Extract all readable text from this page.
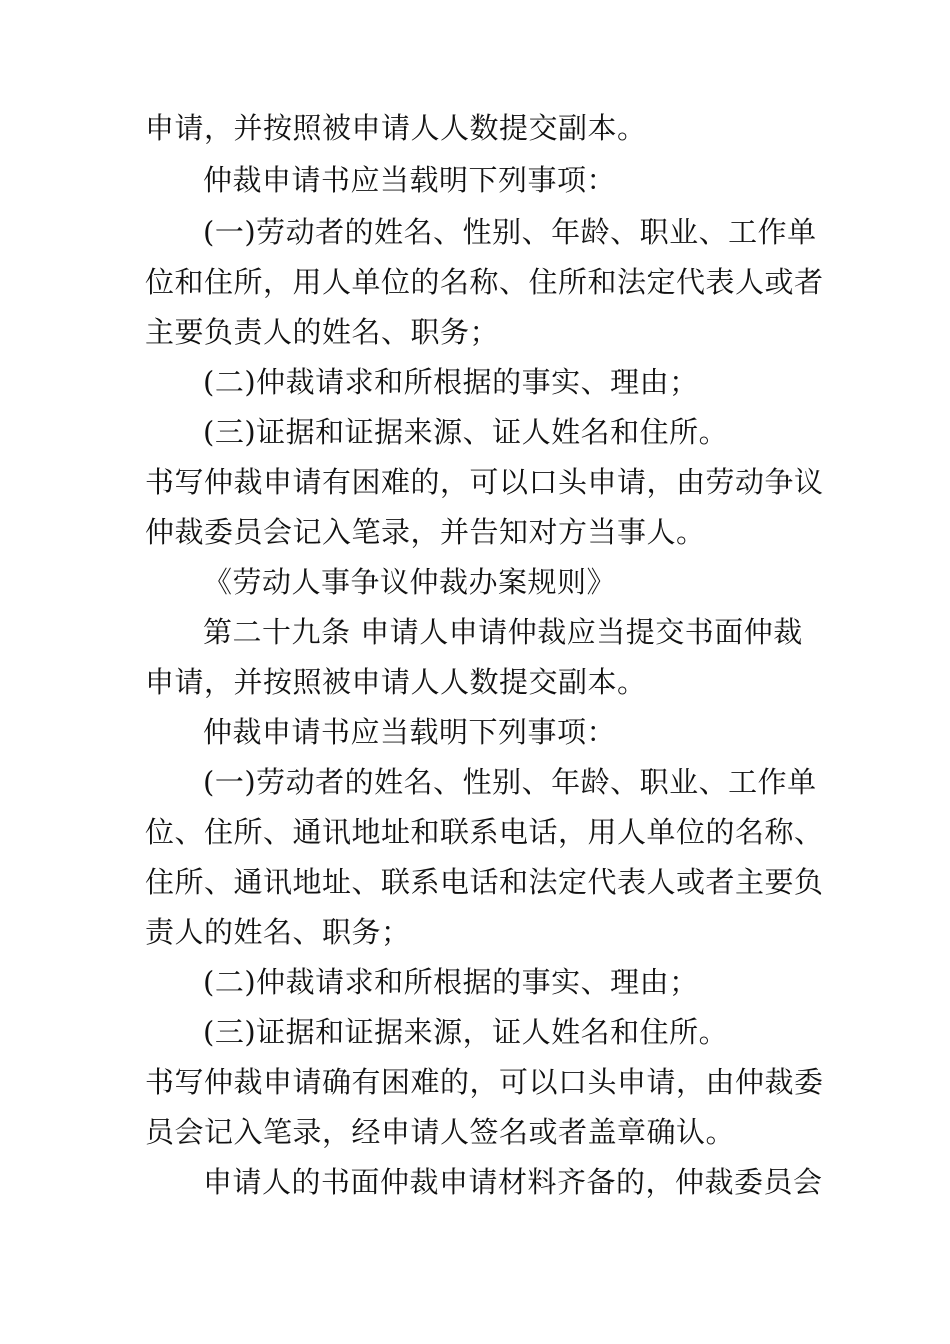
申请，并按照被申请人人数提交副本。
仲裁申请书应当载明下列事项：
(一)劳动者的姓名、性别、年龄、职业、工作单
位和住所，用人单位的名称、住所和法定代表人或者
主要负责人的姓名、职务；
(二)仲裁请求和所根据的事实、理由；
(三)证据和证据来源、证人姓名和住所。
书写仲裁申请有困难的，可以口头申请，由劳动争议
仲裁委员会记入笔录，并告知对方当事人。
《劳动人事争议仲裁办案规则》
第二十九条 申请人申请仲裁应当提交书面仲裁
申请，并按照被申请人人数提交副本。
仲裁申请书应当载明下列事项：
(一)劳动者的姓名、性别、年龄、职业、工作单
位、住所、通讯地址和联系电话，用人单位的名称、
住所、通讯地址、联系电话和法定代表人或者主要负
责人的姓名、职务；
(二)仲裁请求和所根据的事实、理由；
(三)证据和证据来源，证人姓名和住所。
书写仲裁申请确有困难的，可以口头申请，由仲裁委
员会记入笔录，经申请人签名或者盖章确认。
申请人的书面仲裁申请材料齐备的，仲裁委员会
